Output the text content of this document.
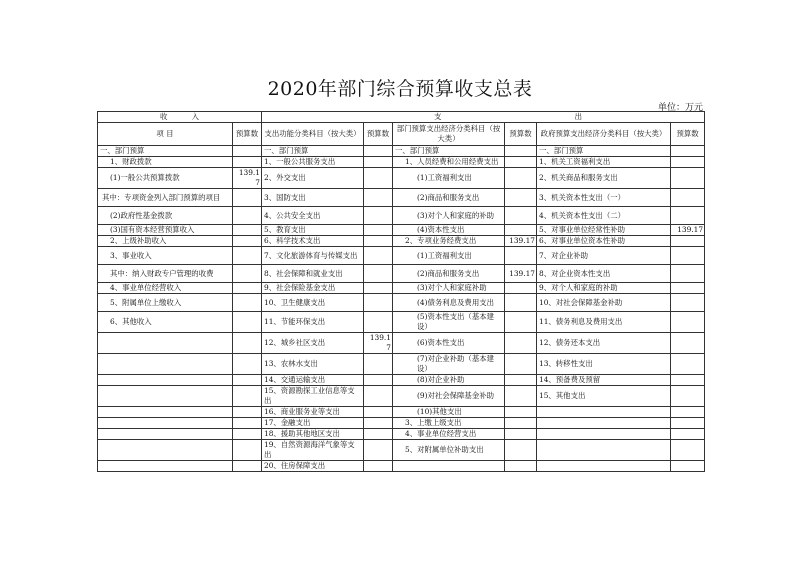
2020年部门综合预算收支总表
单位：万元
收 入		支 出					

项 目	预算数	支出功能分类科目（按大类）	预算数	部门预算支出经济分类科目（按大类）	预算数	政府预算支出经济分类科目（按大类）	预算数
一、部门预算		一、部门预算		一、部门预算		一、部门预算	
1、财政拨款		1、一般公共服务支出		1、人员经费和公用经费支出		1、机关工资福利支出	
(1)一般公共预算拨款	139.17	2、外交支出		(1)工资福利支出		2、机关商品和服务支出	
其中：专项资金列入部门预算的项目		3、国防支出		(2)商品和服务支出		3、机关资本性支出（一）	
(2)政府性基金拨款		4、公共安全支出		(3)对个人和家庭的补助		4、机关资本性支出（二）	
(3)国有资本经营预算收入		5、教育支出		(4)资本性支出		5、对事业单位经常性补助	139.17
2、上级补助收入		6、科学技术支出		2、专项业务经费支出	139.17	6、对事业单位资本性补助	
3、事业收入		7、文化旅游体育与传媒支出		(1)工资福利支出		7、对企业补助	
其中：纳入财政专户管理的收费		8、社会保障和就业支出		(2)商品和服务支出	139.17	8、对企业资本性支出	
4、事业单位经营收入		9、社会保险基金支出		(3)对个人和家庭补助		9、对个人和家庭的补助	
5、附属单位上缴收入		10、卫生健康支出		(4)债务利息及费用支出		10、对社会保障基金补助	
6、其他收入		11、节能环保支出		(5)资本性支出（基本建设）		11、债务利息及费用支出	
		12、城乡社区支出	139.17	(6)资本性支出		12、债务还本支出	
		13、农林水支出		(7)对企业补助（基本建设）		13、转移性支出	
		14、交通运输支出		(8)对企业补助		14、预备费及预留	
		15、资源勘探工业信息等支出		(9)对社会保障基金补助		15、其他支出	
		16、商业服务业等支出		(10)其他支出			
		17、金融支出		3、上缴上级支出			
		18、援助其他地区支出		4、事业单位经营支出			
		19、自然资源海洋气象等支出		5、对附属单位补助支出			
		20、住房保障支出					
